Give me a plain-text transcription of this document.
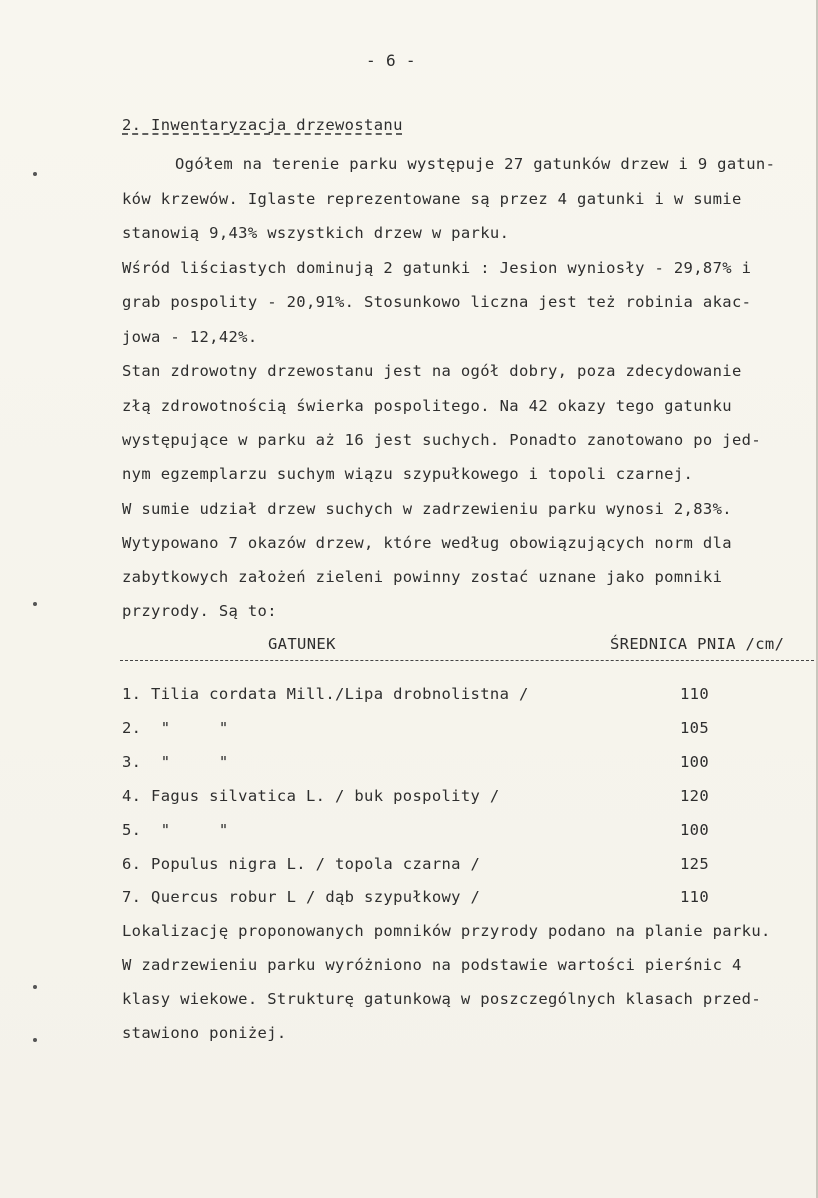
- 6 -
2. Inwentaryzacja drzewostanu
Ogółem na terenie parku występuje 27 gatunków drzew i 9 gatun-
ków krzewów. Iglaste reprezentowane są przez 4 gatunki i w sumie
stanowią 9,43% wszystkich drzew w parku.
Wśród liściastych dominują 2 gatunki : Jesion wyniosły - 29,87% i
grab pospolity - 20,91%. Stosunkowo liczna jest też robinia akac-
jowa - 12,42%.
Stan zdrowotny drzewostanu jest na ogół dobry, poza zdecydowanie
złą zdrowotnością świerka pospolitego. Na 42 okazy tego gatunku
występujące w parku aż 16 jest suchych. Ponadto zanotowano po jed-
nym egzemplarzu suchym wiązu szypułkowego i topoli czarnej.
W sumie udział drzew suchych w zadrzewieniu parku wynosi 2,83%.
Wytypowano 7 okazów drzew, które według obowiązujących norm dla
zabytkowych założeń zieleni powinny zostać uznane jako pomniki
przyrody. Są to:
GATUNEK	ŚREDNICA PNIA /cm/
1. Tilia cordata Mill./Lipa drobnolistna /	110
2.  "     "	105
3.  "     "	100
4. Fagus silvatica L. / buk pospolity /	120
5.  "     "	100
6. Populus nigra L. / topola czarna /	125
7. Quercus robur L / dąb szypułkowy /	110
Lokalizację proponowanych pomników przyrody podano na planie parku.
W zadrzewieniu parku wyróżniono na podstawie wartości pierśnic 4
klasy wiekowe. Strukturę gatunkową w poszczególnych klasach przed-
stawiono poniżej.
